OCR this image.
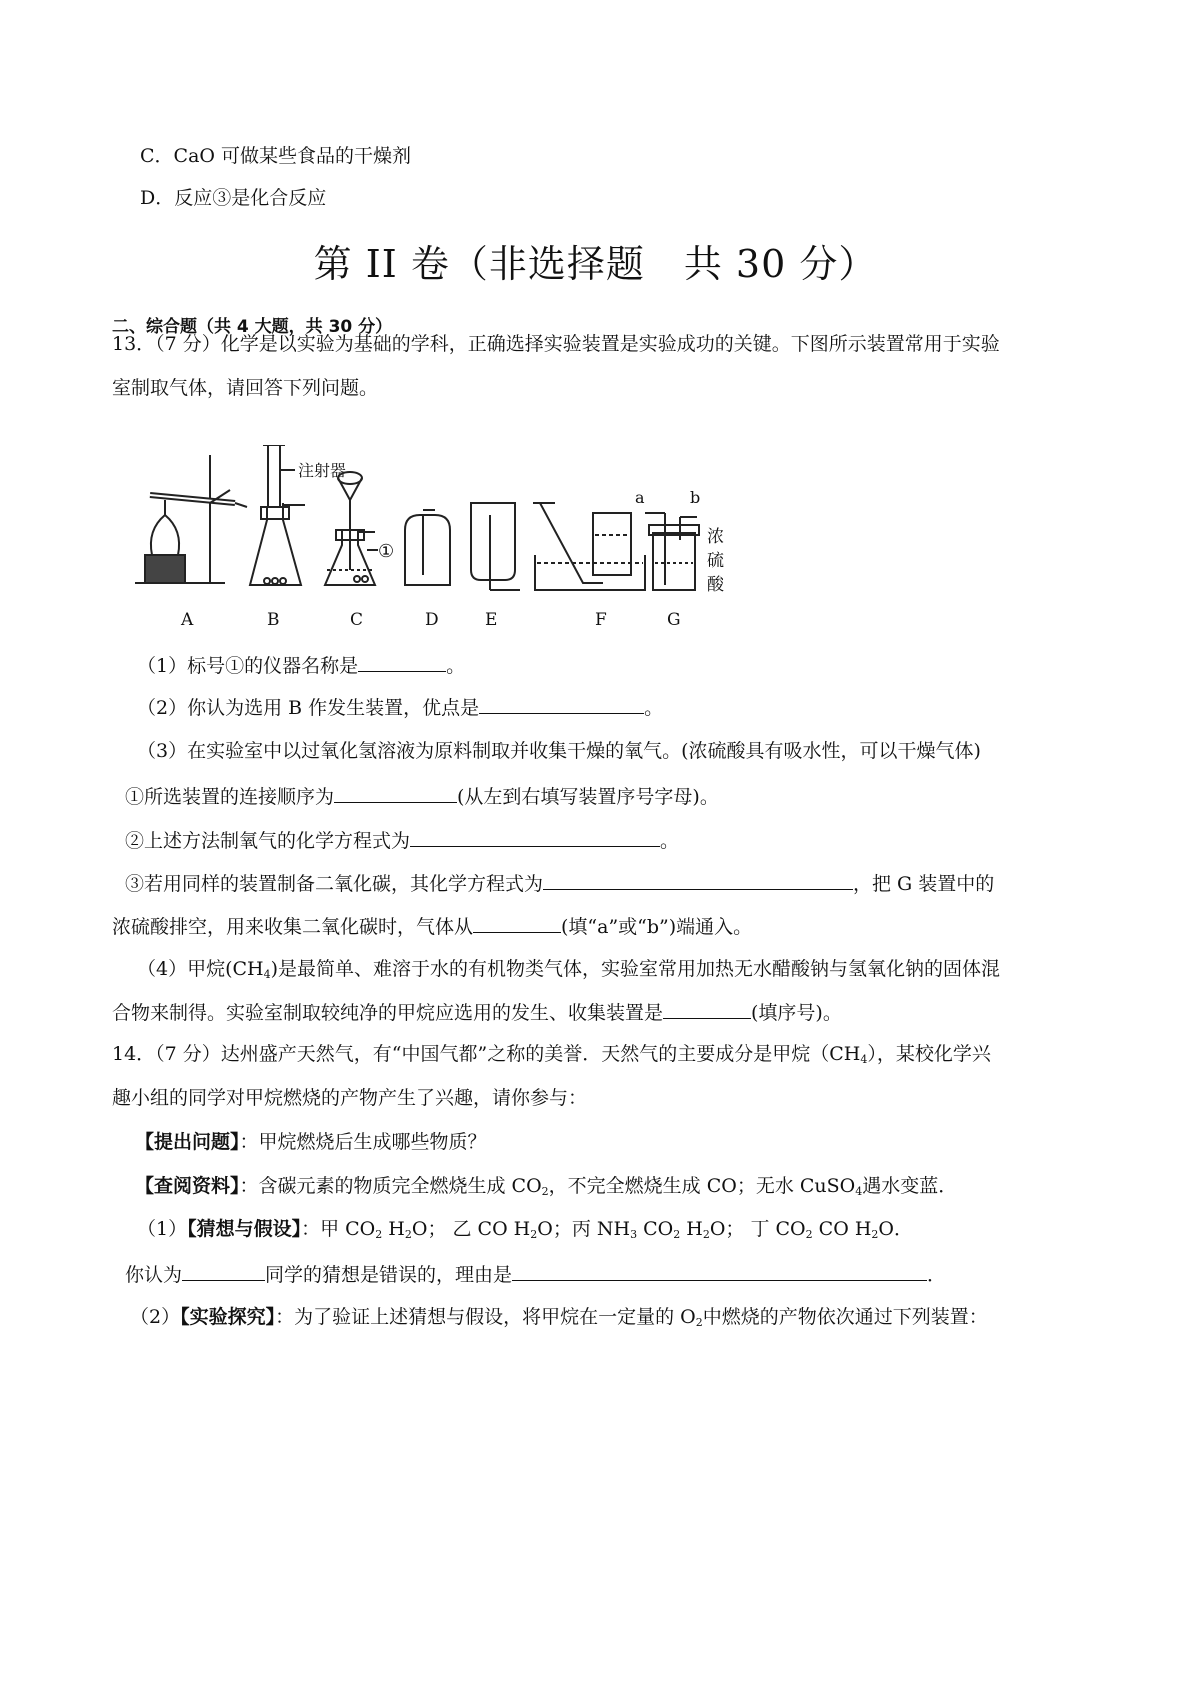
C．CaO 可做某些食品的干燥剂
D．反应③是化合反应
第 II 卷（非选择题　共 30 分）
二、综合题（共 4 大题，共 30 分）
13．（7 分）化学是以实验为基础的学科，正确选择实验装置是实验成功的关键。下图所示装置常用于实验
室制取气体，请回答下列问题。
注射器
①
a	b
浓
硫
酸
A	B	C	D	E	F	G
（1）标号①的仪器名称是	。
（2）你认为选用 B 作发生装置，优点是	。
（3）在实验室中以过氧化氢溶液为原料制取并收集干燥的氧气。(浓硫酸具有吸水性，可以干燥气体)
①所选装置的连接顺序为	(从左到右填写装置序号字母)。
②上述方法制氧气的化学方程式为	。
③若用同样的装置制备二氧化碳，其化学方程式为	，把 G 装置中的
浓硫酸排空，用来收集二氧化碳时，气体从	(填“a”或“b”)端通入。
（4）甲烷$(CH_4)$是最简单、难溶于水的有机物类气体，实验室常用加热无水醋酸钠与氢氧化钠的固体混
合物来制得。实验室制取较纯净的甲烷应选用的发生、收集装置是	(填序号)。
14．（7 分）达州盛产天然气，有“中国气都”之称的美誉．天然气的主要成分是甲烷$(CH_4)$，某校化学兴
趣小组的同学对甲烷燃烧的产物产生了兴趣，请你参与：
【提出问题】：甲烷燃烧后生成哪些物质？
【查阅资料】：含碳元素的物质完全燃烧生成 $CO_2$，不完全燃烧生成 CO；无水 CuSO$_4$遇水变蓝．
（1）【猜想与假设】：甲 $CO_2$ $H_2O$； 乙 CO $H_2O$；丙 $NH_3$ $CO_2$ $H_2O$； 丁 $CO_2$ CO $H_2O$．
你认为	同学的猜想是错误的，理由是	．
（2）【实验探究】：为了验证上述猜想与假设，将甲烷在一定量的 $O_2$中燃烧的产物依次通过下列装置：
